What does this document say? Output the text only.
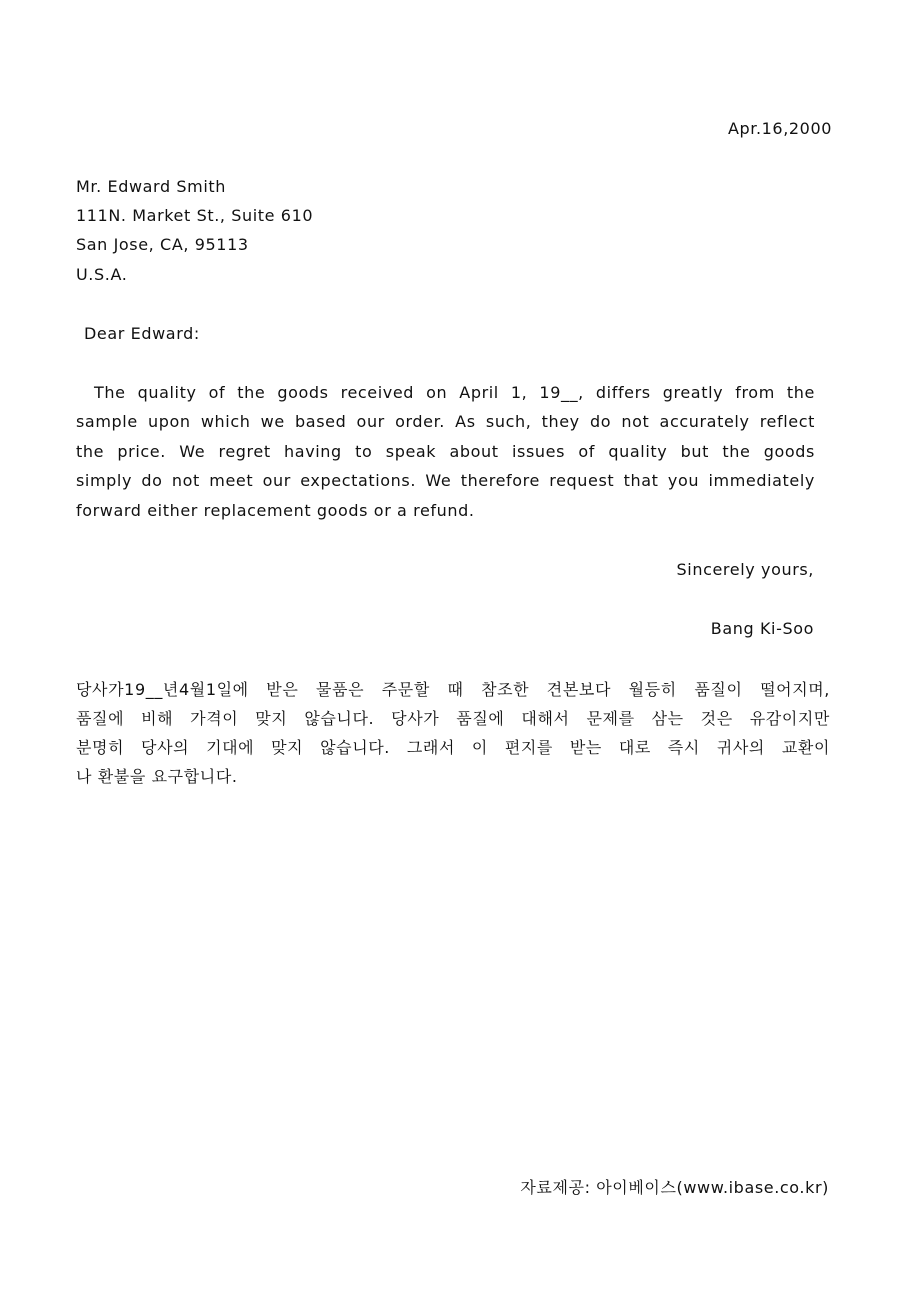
Apr.16,2000
Mr. Edward Smith
111N. Market St., Suite 610
San Jose, CA, 95113
U.S.A.
Dear Edward:
The quality of the goods received on April 1, 19__, differs greatly from the
sample upon which we based our order. As such, they do not accurately reflect
the price. We regret having to speak about issues of quality but the goods
simply do not meet our expectations. We therefore request that you immediately
forward either replacement goods or a refund.
Sincerely yours,
Bang Ki-Soo
당사가19__년4월1일에 받은 물품은 주문할 때 참조한 견본보다 월등히 품질이 떨어지며,
품질에 비해 가격이 맞지 않습니다. 당사가 품질에 대해서 문제를 삼는 것은 유감이지만
분명히 당사의 기대에 맞지 않습니다. 그래서 이 편지를 받는 대로 즉시 귀사의 교환이
나 환불을 요구합니다.
자료제공: 아이베이스(www.ibase.co.kr)
